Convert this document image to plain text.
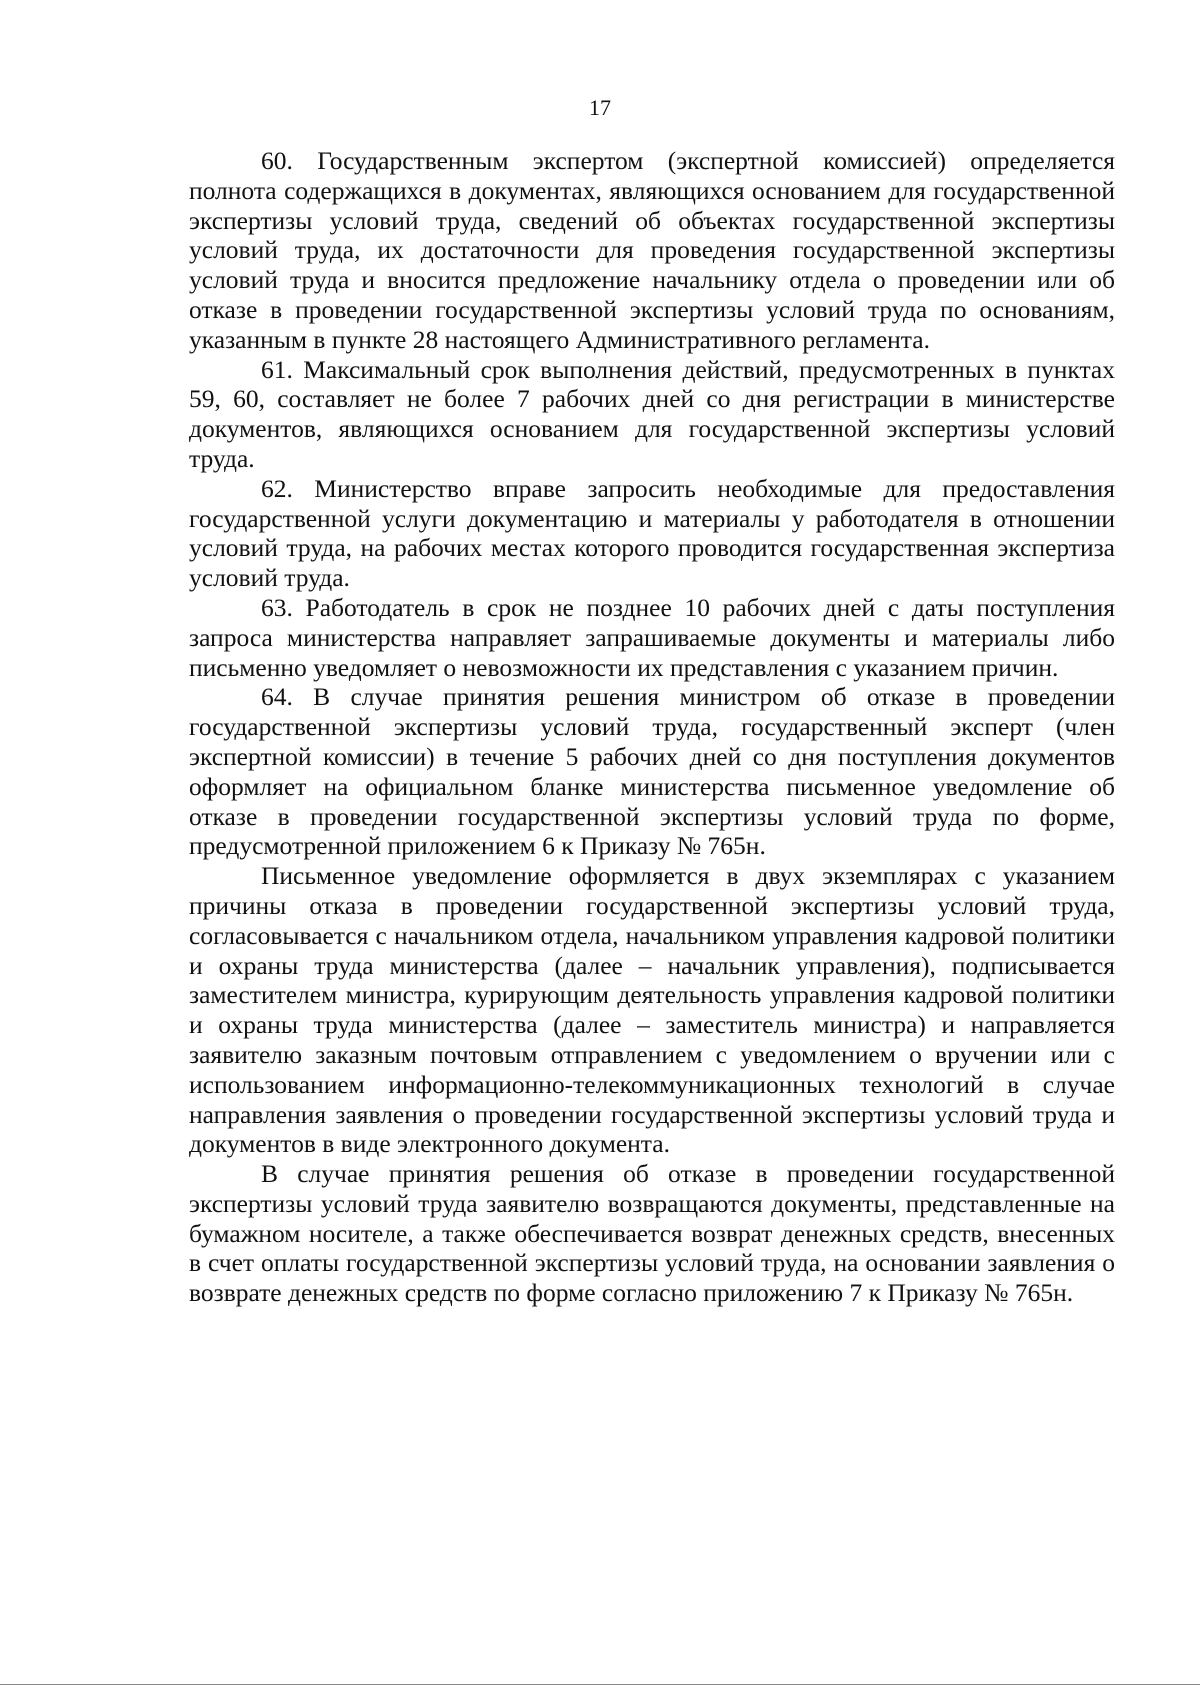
17

60. Государственным экспертом (экспертной комиссией) определяется полнота содержащихся в документах, являющихся основанием для государственной экспертизы условий труда, сведений об объектах государственной экспертизы условий труда, их достаточности для проведения государственной экспертизы условий труда и вносится предложение начальнику отдела о проведении или об отказе в проведении государственной экспертизы условий труда по основаниям, указанным в пункте 28 настоящего Административного регламента.

61. Максимальный срок выполнения действий, предусмотренных в пунктах 59, 60, составляет не более 7 рабочих дней со дня регистрации в министерстве документов, являющихся основанием для государственной экспертизы условий труда.

62. Министерство вправе запросить необходимые для предоставления государственной услуги документацию и материалы у работодателя в отношении условий труда, на рабочих местах которого проводится государственная экспертиза условий труда.

63. Работодатель в срок не позднее 10 рабочих дней с даты поступления запроса министерства направляет запрашиваемые документы и материалы либо письменно уведомляет о невозможности их представления с указанием причин.

64. В случае принятия решения министром об отказе в проведении государственной экспертизы условий труда, государственный эксперт (член экспертной комиссии) в течение 5 рабочих дней со дня поступления документов оформляет на официальном бланке министерства письменное уведомление об отказе в проведении государственной экспертизы условий труда по форме, предусмотренной приложением 6 к Приказу № 765н.

Письменное уведомление оформляется в двух экземплярах с указанием причины отказа в проведении государственной экспертизы условий труда, согласовывается с начальником отдела, начальником управления кадровой политики и охраны труда министерства (далее – начальник управления), подписывается заместителем министра, курирующим деятельность управления кадровой политики и охраны труда министерства (далее – заместитель министра) и направляется заявителю заказным почтовым отправлением с уведомлением о вручении или с использованием информационно-телекоммуникационных технологий в случае направления заявления о проведении государственной экспертизы условий труда и документов в виде электронного документа.

В случае принятия решения об отказе в проведении государственной экспертизы условий труда заявителю возвращаются документы, представленные на бумажном носителе, а также обеспечивается возврат денежных средств, внесенных в счет оплаты государственной экспертизы условий труда, на основании заявления о возврате денежных средств по форме согласно приложению 7 к Приказу № 765н.
